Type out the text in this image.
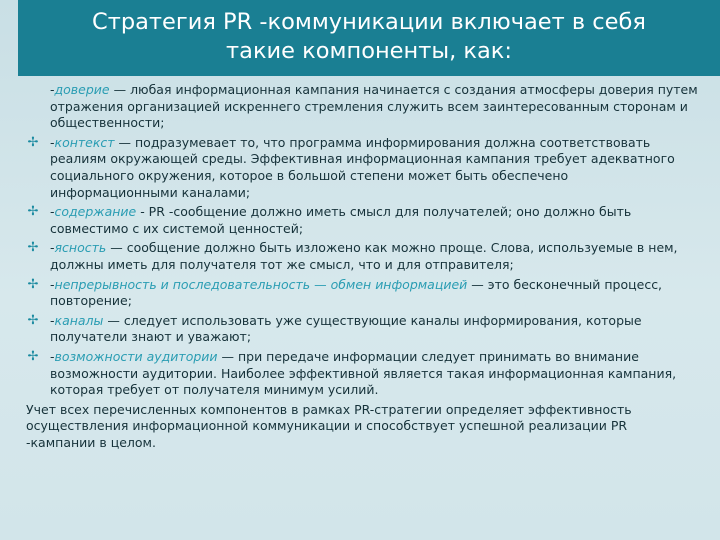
Стратегия PR -коммуникации включает в себя
такие компоненты, как:
-доверие — любая информационная кампания начинается с создания атмосферы доверия путем отражения организацией искреннего стремления служить всем заинтересованным сторонам и общественности;
✢ -контекст — подразумевает то, что программа информирования должна соответствовать реалиям окружающей среды. Эффективная информационная кампания требует адекватного социального окружения, которое в большой степени может быть обеспечено информационными каналами;
✢ -содержание - PR -сообщение должно иметь смысл для получателей; оно должно быть совместимо с их системой ценностей;
✢ -ясность — сообщение должно быть изложено как можно проще. Слова, используемые в нем, должны иметь для получателя тот же смысл, что и для отправителя;
✢ -непрерывность и последовательность — обмен информацией — это бесконечный процесс, повторение;
✢ -каналы — следует использовать уже существующие каналы информирования, которые получатели знают и уважают;
✢ -возможности аудитории — при передаче информации следует принимать во внимание возможности аудитории. Наиболее эффективной является такая информационная кампания, которая требует от получателя минимум усилий.
Учет всех перечисленных компонентов в рамках PR-стратегии определяет эффективность осуществления информационной коммуникации и способствует успешной реализации PR -кампании в целом.
